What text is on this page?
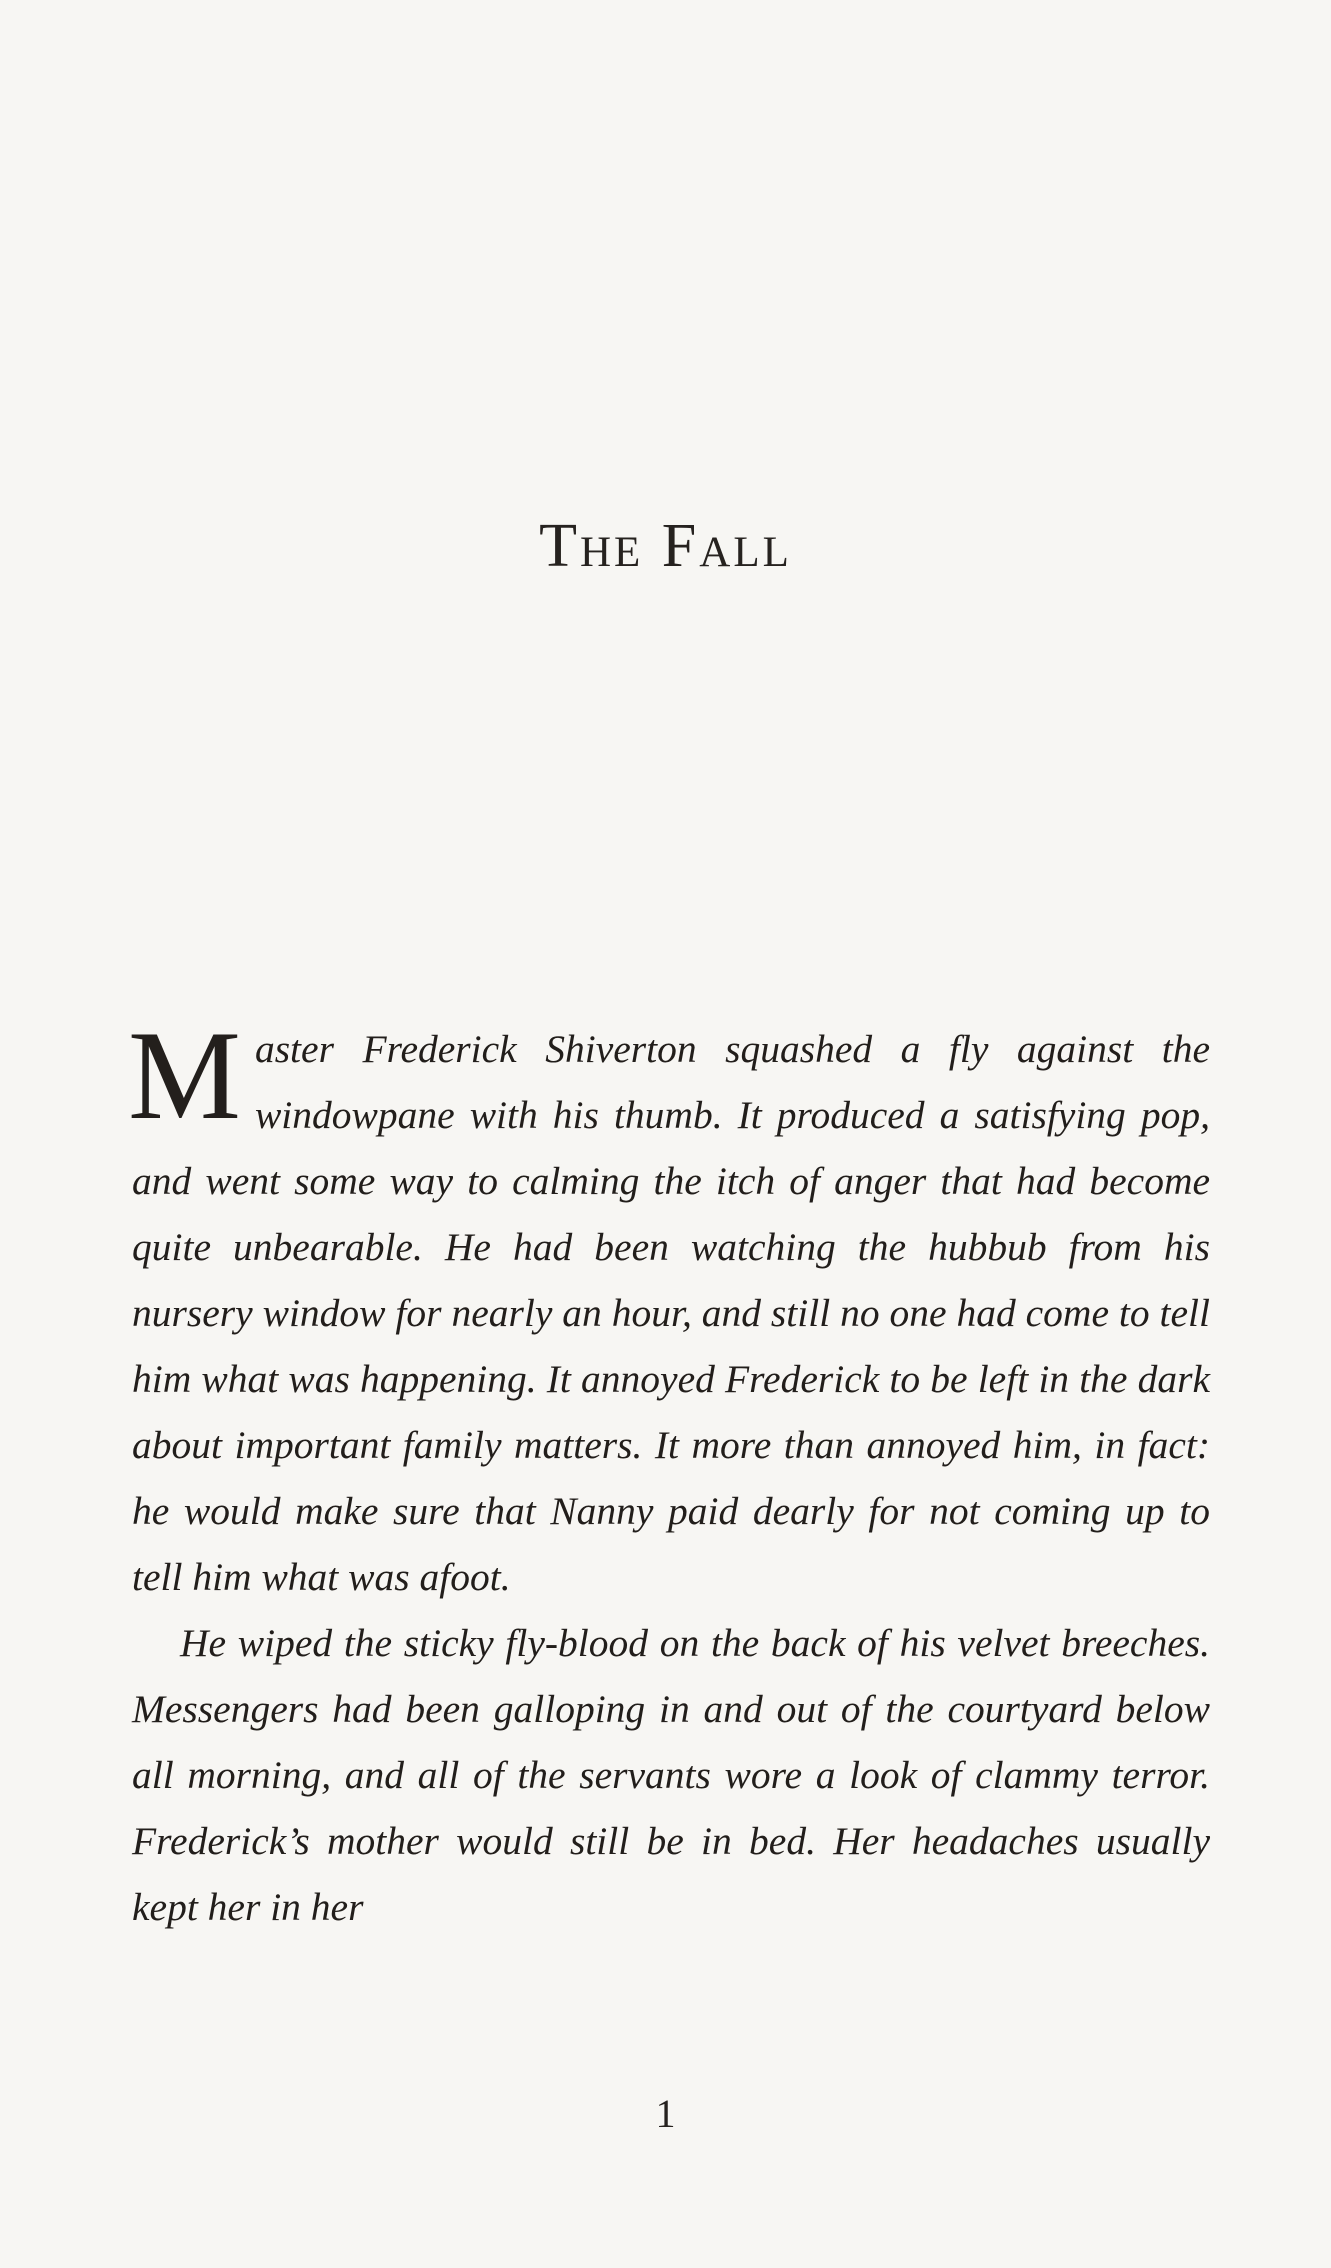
The Fall

Master Frederick Shiverton squashed a fly against the windowpane with his thumb. It produced a satisfying pop, and went some way to calming the itch of anger that had become quite unbearable. He had been watching the hubbub from his nursery window for nearly an hour, and still no one had come to tell him what was happening. It annoyed Frederick to be left in the dark about important family matters. It more than annoyed him, in fact: he would make sure that Nanny paid dearly for not coming up to tell him what was afoot.

He wiped the sticky fly-blood on the back of his velvet breeches. Messengers had been galloping in and out of the courtyard below all morning, and all of the servants wore a look of clammy terror. Frederick’s mother would still be in bed. Her headaches usually kept her in her

1
